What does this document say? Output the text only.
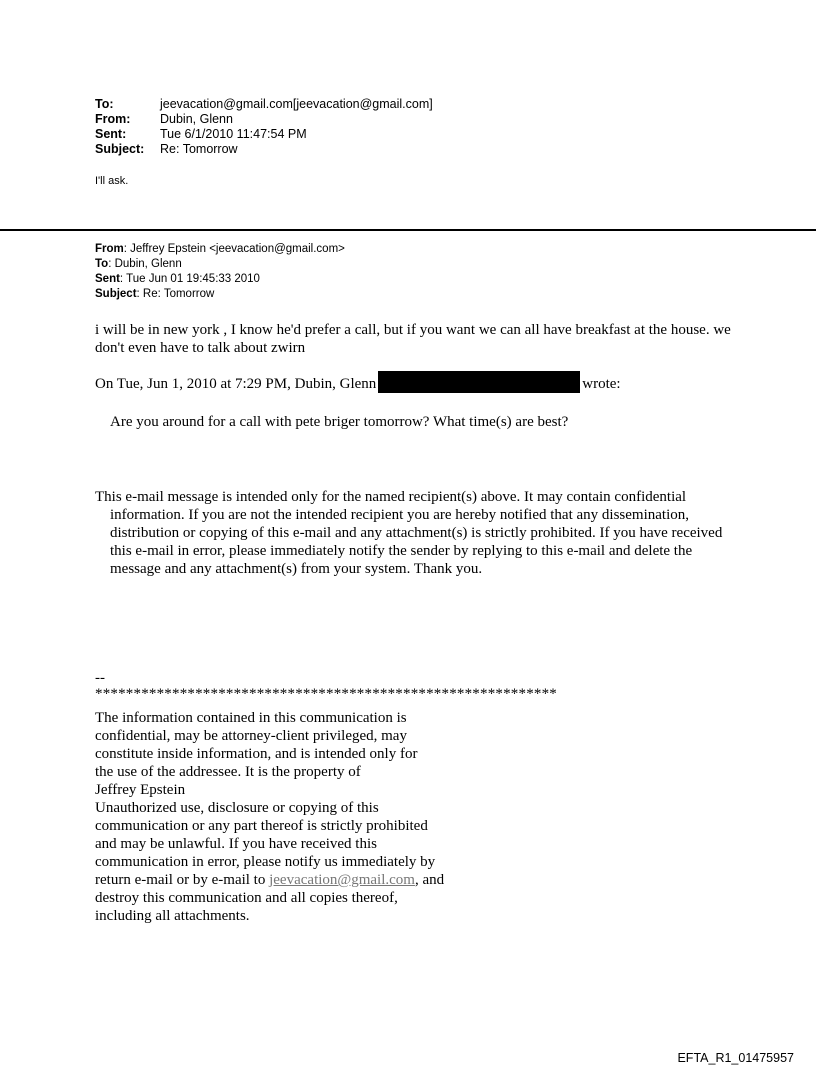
To:	jeevacation@gmail.com[jeevacation@gmail.com]
From:	Dubin, Glenn
Sent:	Tue 6/1/2010 11:47:54 PM
Subject:	Re: Tomorrow
I'll ask.
From: Jeffrey Epstein <jeevacation@gmail.com>
To: Dubin, Glenn
Sent: Tue Jun 01 19:45:33 2010
Subject: Re: Tomorrow
i will be in new york , I know he'd prefer a call, but if you want we can all have breakfast at the house. we don't even have to talk about zwirn
On Tue, Jun 1, 2010 at 7:29 PM, Dubin, Glenn	wrote:
Are you around for a call with pete briger tomorrow? What time(s) are best?
This e-mail message is intended only for the named recipient(s) above. It may contain confidential information. If you are not the intended recipient you are hereby notified that any dissemination, distribution or copying of this e-mail and any attachment(s) is strictly prohibited. If you have received this e-mail in error, please immediately notify the sender by replying to this e-mail and delete the message and any attachment(s) from your system. Thank you.
--
************************************************************
The information contained in this communication is
confidential, may be attorney-client privileged, may
constitute inside information, and is intended only for
the use of the addressee. It is the property of
Jeffrey Epstein
Unauthorized use, disclosure or copying of this
communication or any part thereof is strictly prohibited
and may be unlawful. If you have received this
communication in error, please notify us immediately by
return e-mail or by e-mail to jeevacation@gmail.com, and
destroy this communication and all copies thereof,
including all attachments.
EFTA_R1_01475957
